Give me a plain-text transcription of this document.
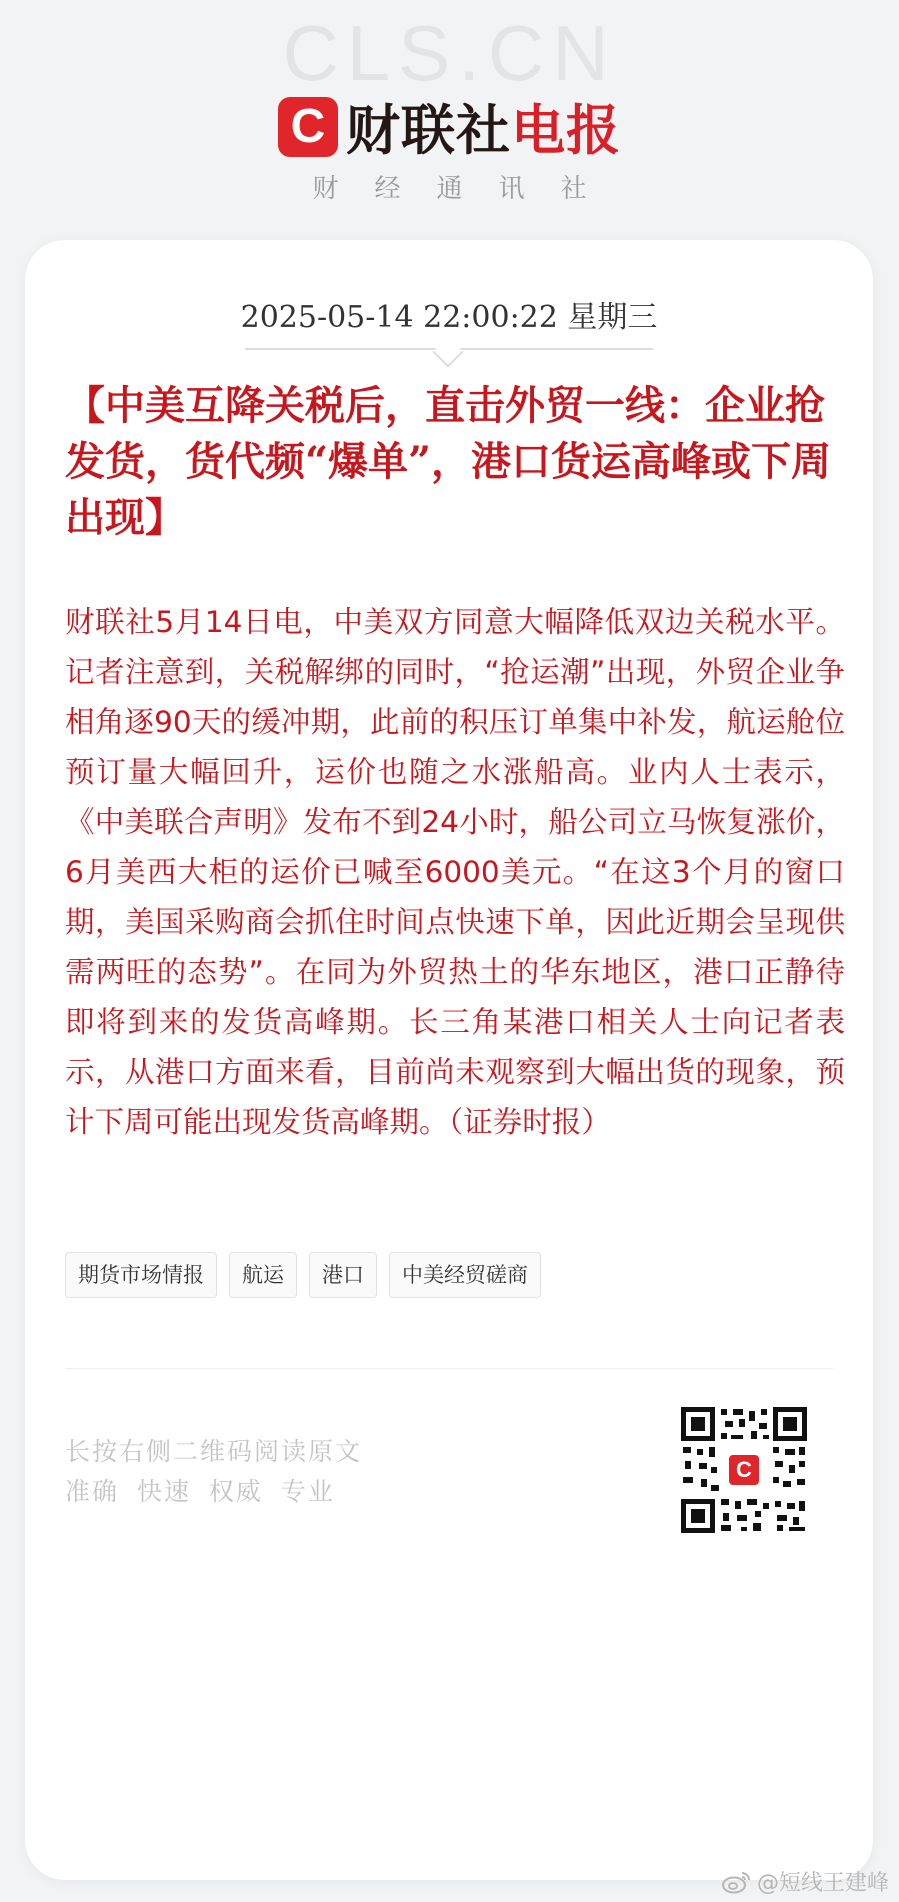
CLS.CN
C 财联社电报
财经通讯社
2025-05-14 22:00:22 星期三
【中美互降关税后，直击外贸一线：企业抢发货，货代频“爆单”，港口货运高峰或下周出现】
财联社5月14日电，中美双方同意大幅降低双边关税水平。记者注意到，关税解绑的同时，“抢运潮”出现，外贸企业争相角逐90天的缓冲期，此前的积压订单集中补发，航运舱位预订量大幅回升，运价也随之水涨船高。业内人士表示，《中美联合声明》发布不到24小时，船公司立马恢复涨价，6月美西大柜的运价已喊至6000美元。“在这3个月的窗口期，美国采购商会抓住时间点快速下单，因此近期会呈现供需两旺的态势”。在同为外贸热土的华东地区，港口正静待即将到来的发货高峰期。长三角某港口相关人士向记者表示，从港口方面来看，目前尚未观察到大幅出货的现象，预计下周可能出现发货高峰期。（证券时报）
期货市场情报	航运	港口	中美经贸磋商
长按右侧二维码阅读原文
准确 快速 权威 专业
C
@短线王建峰
